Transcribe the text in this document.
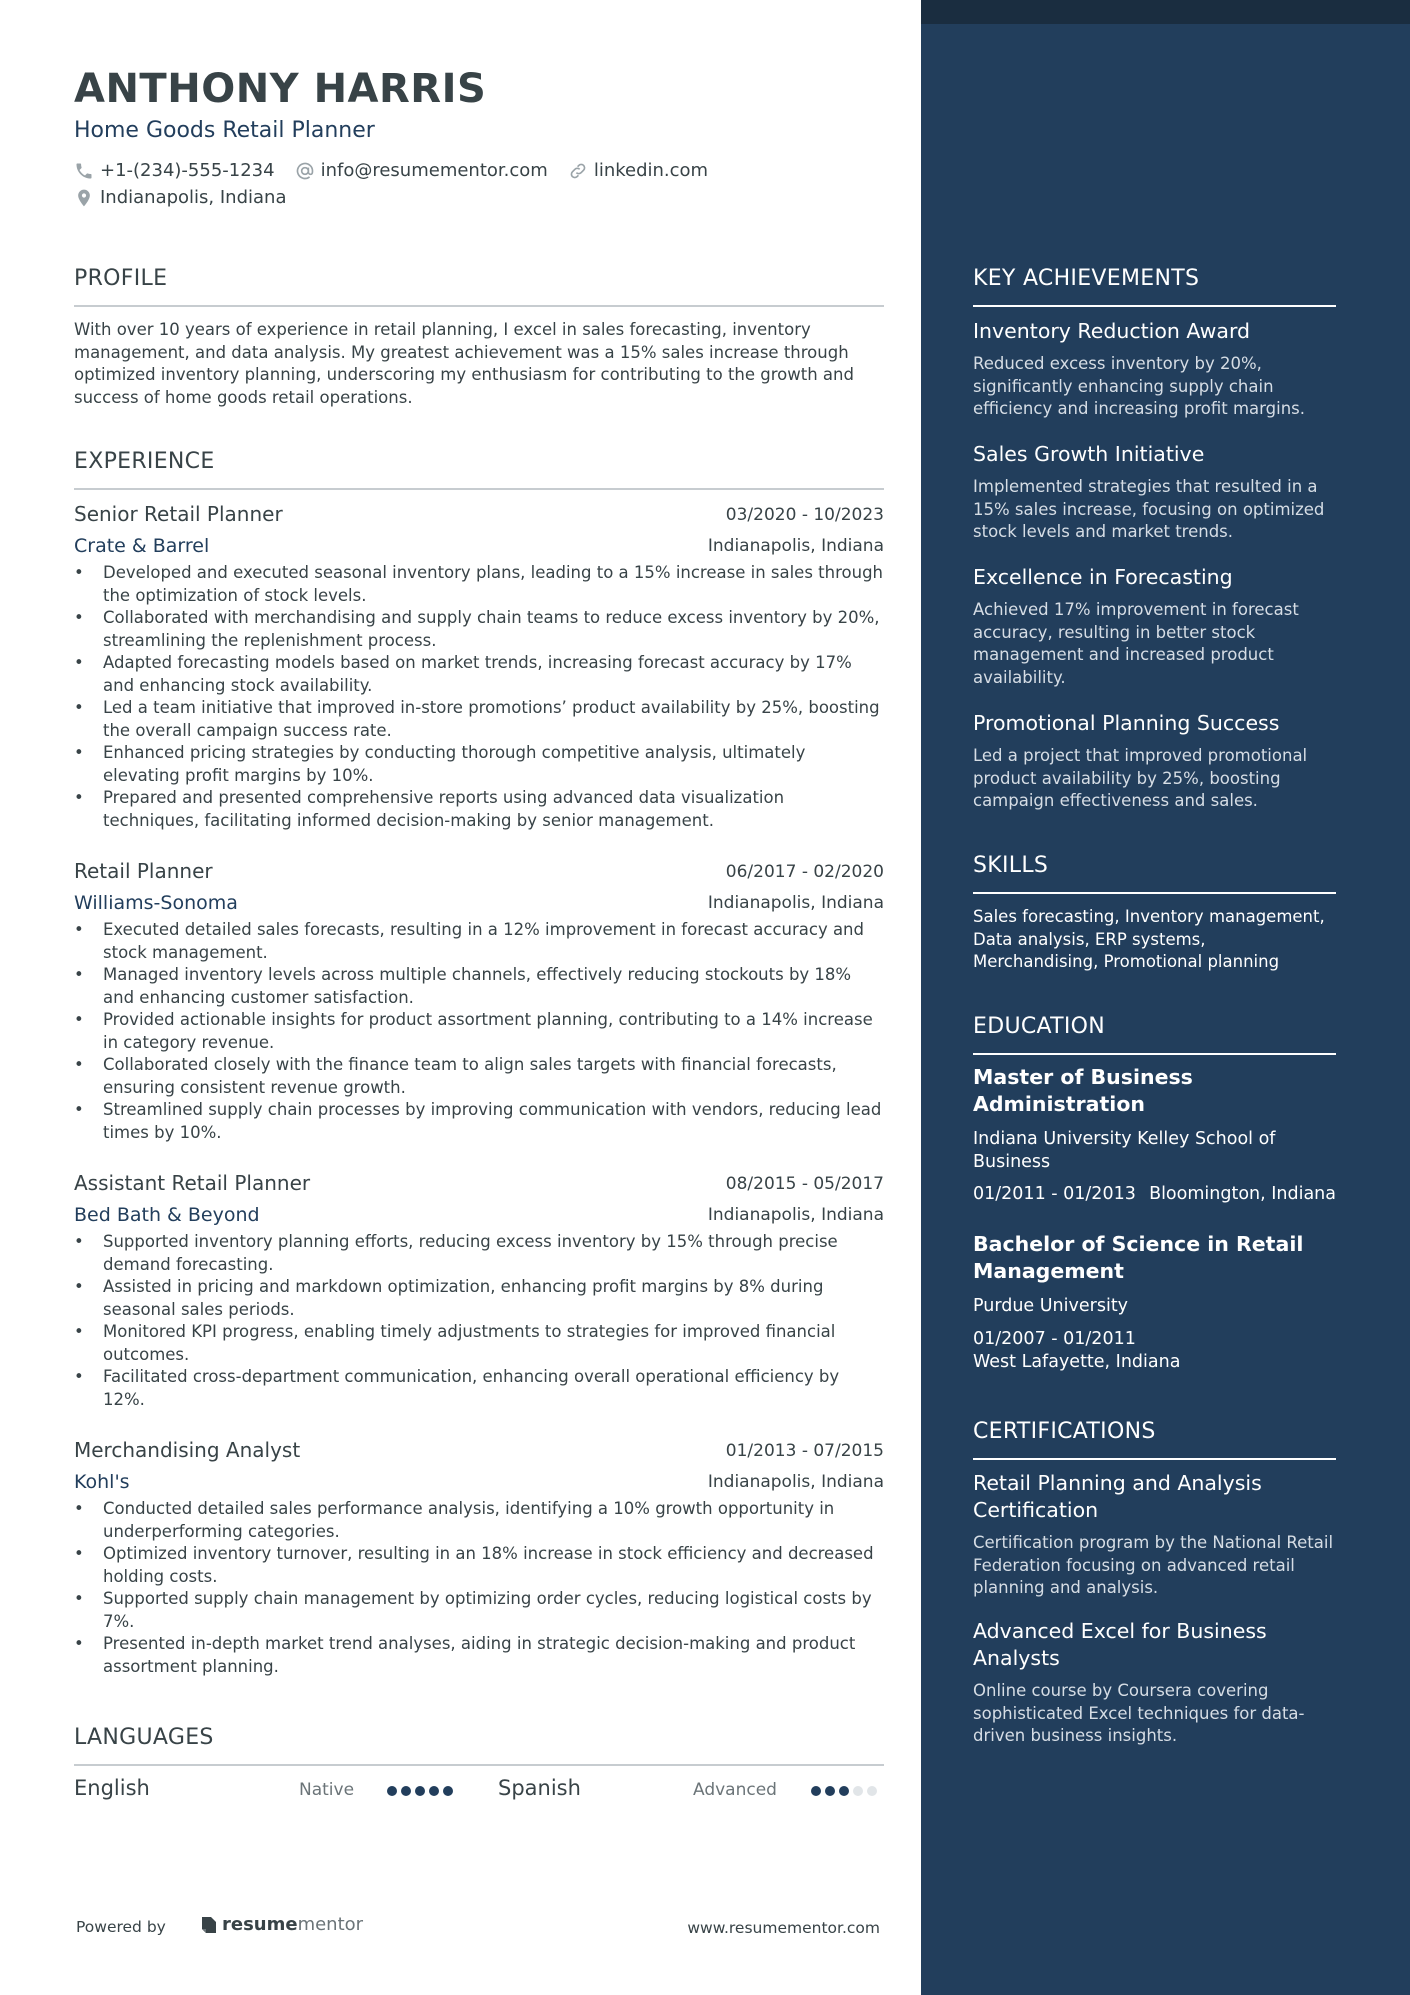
ANTHONY HARRIS
Home Goods Retail Planner
+1-(234)-555-1234	info@resumementor.com	linkedin.com
Indianapolis, Indiana
PROFILE
With over 10 years of experience in retail planning, I excel in sales forecasting, inventory management, and data analysis. My greatest achievement was a 15% sales increase through optimized inventory planning, underscoring my enthusiasm for contributing to the growth and success of home goods retail operations.
EXPERIENCE
Senior Retail Planner	03/2020 - 10/2023
Crate & Barrel	Indianapolis, Indiana
• Developed and executed seasonal inventory plans, leading to a 15% increase in sales through the optimization of stock levels.
• Collaborated with merchandising and supply chain teams to reduce excess inventory by 20%, streamlining the replenishment process.
• Adapted forecasting models based on market trends, increasing forecast accuracy by 17% and enhancing stock availability.
• Led a team initiative that improved in-store promotions’ product availability by 25%, boosting the overall campaign success rate.
• Enhanced pricing strategies by conducting thorough competitive analysis, ultimately elevating profit margins by 10%.
• Prepared and presented comprehensive reports using advanced data visualization techniques, facilitating informed decision-making by senior management.
Retail Planner	06/2017 - 02/2020
Williams-Sonoma	Indianapolis, Indiana
• Executed detailed sales forecasts, resulting in a 12% improvement in forecast accuracy and stock management.
• Managed inventory levels across multiple channels, effectively reducing stockouts by 18% and enhancing customer satisfaction.
• Provided actionable insights for product assortment planning, contributing to a 14% increase in category revenue.
• Collaborated closely with the finance team to align sales targets with financial forecasts, ensuring consistent revenue growth.
• Streamlined supply chain processes by improving communication with vendors, reducing lead times by 10%.
Assistant Retail Planner	08/2015 - 05/2017
Bed Bath & Beyond	Indianapolis, Indiana
• Supported inventory planning efforts, reducing excess inventory by 15% through precise demand forecasting.
• Assisted in pricing and markdown optimization, enhancing profit margins by 8% during seasonal sales periods.
• Monitored KPI progress, enabling timely adjustments to strategies for improved financial outcomes.
• Facilitated cross-department communication, enhancing overall operational efficiency by 12%.
Merchandising Analyst	01/2013 - 07/2015
Kohl's	Indianapolis, Indiana
• Conducted detailed sales performance analysis, identifying a 10% growth opportunity in underperforming categories.
• Optimized inventory turnover, resulting in an 18% increase in stock efficiency and decreased holding costs.
• Supported supply chain management by optimizing order cycles, reducing logistical costs by 7%.
• Presented in-depth market trend analyses, aiding in strategic decision-making and product assortment planning.
LANGUAGES
English	Native	Spanish	Advanced
Powered by	resume mentor	www.resumementor.com
KEY ACHIEVEMENTS
Inventory Reduction Award
Reduced excess inventory by 20%, significantly enhancing supply chain efficiency and increasing profit margins.
Sales Growth Initiative
Implemented strategies that resulted in a 15% sales increase, focusing on optimized stock levels and market trends.
Excellence in Forecasting
Achieved 17% improvement in forecast accuracy, resulting in better stock management and increased product availability.
Promotional Planning Success
Led a project that improved promotional product availability by 25%, boosting campaign effectiveness and sales.
SKILLS
Sales forecasting, Inventory management, Data analysis, ERP systems, Merchandising, Promotional planning
EDUCATION
Master of Business Administration
Indiana University Kelley School of Business
01/2011 - 01/2013 Bloomington, Indiana
Bachelor of Science in Retail Management
Purdue University
01/2007 - 01/2011
West Lafayette, Indiana
CERTIFICATIONS
Retail Planning and Analysis Certification
Certification program by the National Retail Federation focusing on advanced retail planning and analysis.
Advanced Excel for Business Analysts
Online course by Coursera covering sophisticated Excel techniques for data-driven business insights.
